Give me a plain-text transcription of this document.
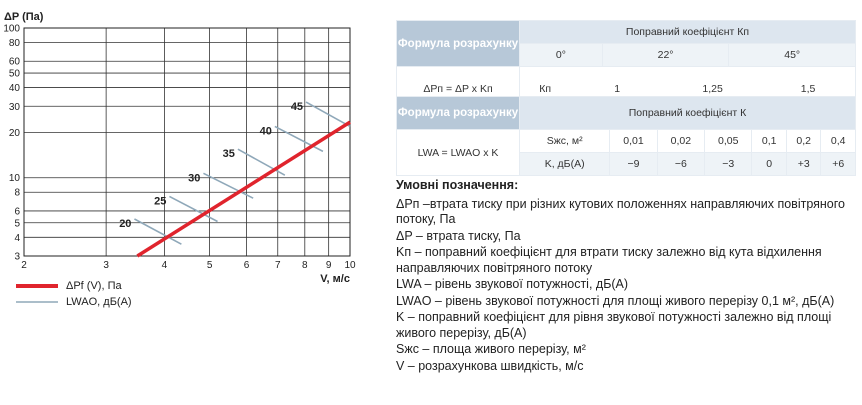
2	3	4	5	6	7 8 9 10
3
4
5
6
8
10
20
30
40
50
60
80
100
ΔP (Па)
V, м/с
20
25
30
35
40
45
ΔPf (V), Па
LWAO, дБ(A)
Формула розрахунку	Поправний коефіцієнт Кп
0°	22°	45°
ΔPп = ΔP x Kп	Кп	1	1,25	1,5
Формула розрахунку	Поправний коефіцієнт К						
LWA = LWAO x K	Sжс, м²	0,01	0,02	0,05	0,1	0,2	0,4
	K, дБ(A)	−9	−6	−3	0	+3	+6
Умовні позначення:
ΔPп –втрата тиску при різних кутових положеннях направляючих повітряного потоку, Па
ΔP – втрата тиску, Па
Kп – поправний коефіцієнт для втрати тиску залежно від кута відхилення направляючих повітряного потоку
LWA – рівень звукової потужності, дБ(A)
LWAO – рівень звукової потужності для площі живого перерізу 0,1 м², дБ(A)
K – поправний коефіцієнт для рівня звукової потужності залежно від площі живого перерізу, дБ(A)
Sжс – площа живого перерізу, м²
V – розрахункова швидкість, м/с
